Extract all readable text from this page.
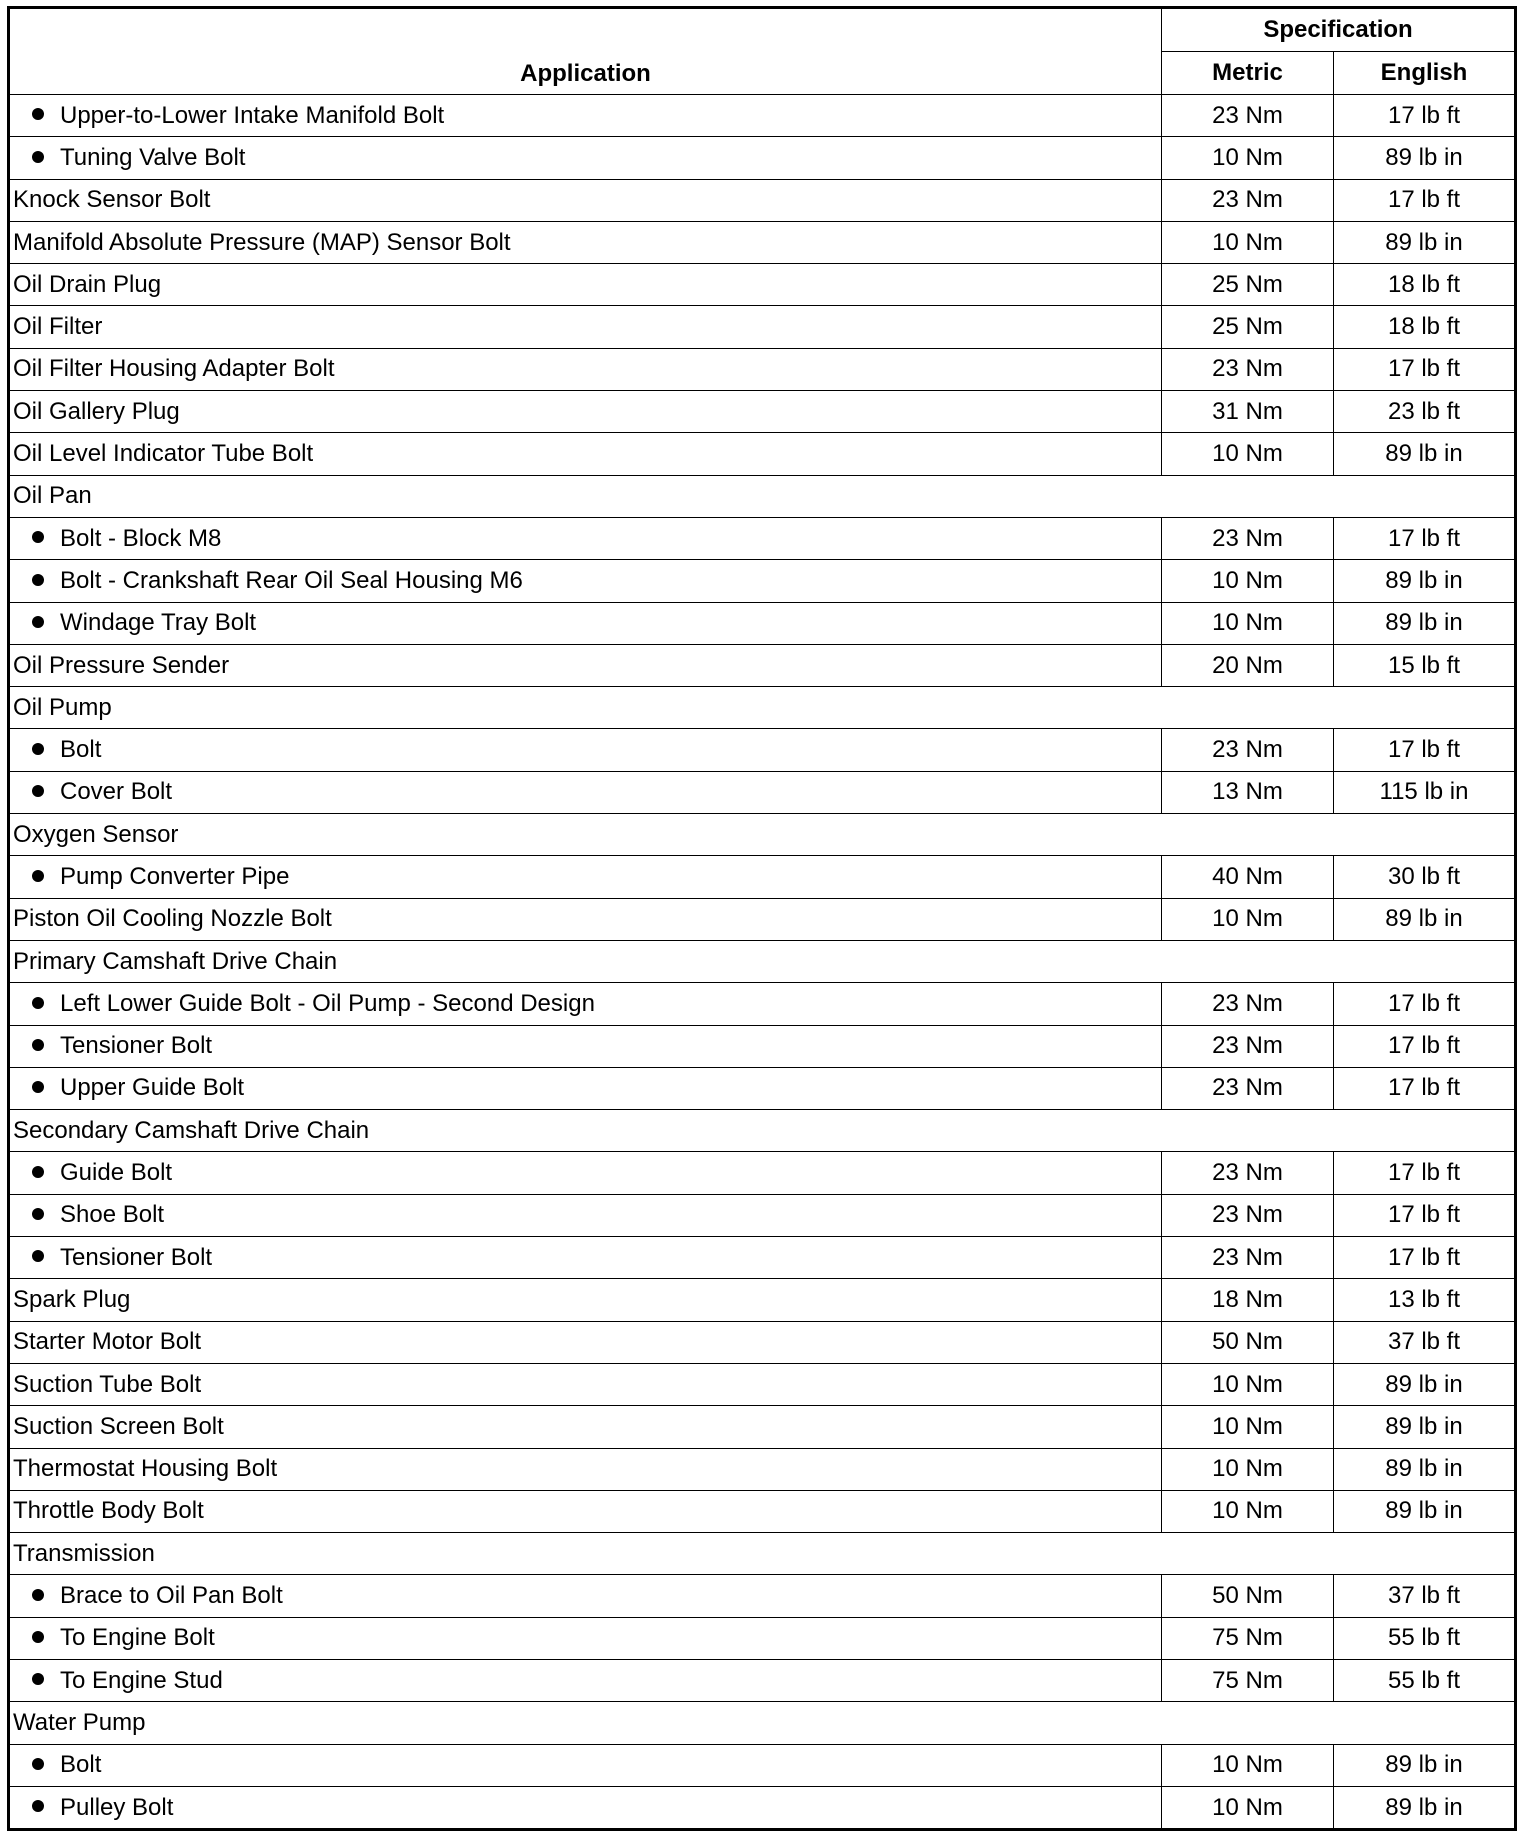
Application	Specification	
	Metric	English
Upper-to-Lower Intake Manifold Bolt	23 Nm	17 lb ft
Tuning Valve Bolt	10 Nm	89 lb in
Knock Sensor Bolt	23 Nm	17 lb ft
Manifold Absolute Pressure (MAP) Sensor Bolt	10 Nm	89 lb in
Oil Drain Plug	25 Nm	18 lb ft
Oil Filter	25 Nm	18 lb ft
Oil Filter Housing Adapter Bolt	23 Nm	17 lb ft
Oil Gallery Plug	31 Nm	23 lb ft
Oil Level Indicator Tube Bolt	10 Nm	89 lb in
Oil Pan		
Bolt - Block M8	23 Nm	17 lb ft
Bolt - Crankshaft Rear Oil Seal Housing M6	10 Nm	89 lb in
Windage Tray Bolt	10 Nm	89 lb in
Oil Pressure Sender	20 Nm	15 lb ft
Oil Pump		
Bolt	23 Nm	17 lb ft
Cover Bolt	13 Nm	115 lb in
Oxygen Sensor		
Pump Converter Pipe	40 Nm	30 lb ft
Piston Oil Cooling Nozzle Bolt	10 Nm	89 lb in
Primary Camshaft Drive Chain		
Left Lower Guide Bolt - Oil Pump - Second Design	23 Nm	17 lb ft
Tensioner Bolt	23 Nm	17 lb ft
Upper Guide Bolt	23 Nm	17 lb ft
Secondary Camshaft Drive Chain		
Guide Bolt	23 Nm	17 lb ft
Shoe Bolt	23 Nm	17 lb ft
Tensioner Bolt	23 Nm	17 lb ft
Spark Plug	18 Nm	13 lb ft
Starter Motor Bolt	50 Nm	37 lb ft
Suction Tube Bolt	10 Nm	89 lb in
Suction Screen Bolt	10 Nm	89 lb in
Thermostat Housing Bolt	10 Nm	89 lb in
Throttle Body Bolt	10 Nm	89 lb in
Transmission		
Brace to Oil Pan Bolt	50 Nm	37 lb ft
To Engine Bolt	75 Nm	55 lb ft
To Engine Stud	75 Nm	55 lb ft
Water Pump		
Bolt	10 Nm	89 lb in
Pulley Bolt	10 Nm	89 lb in
